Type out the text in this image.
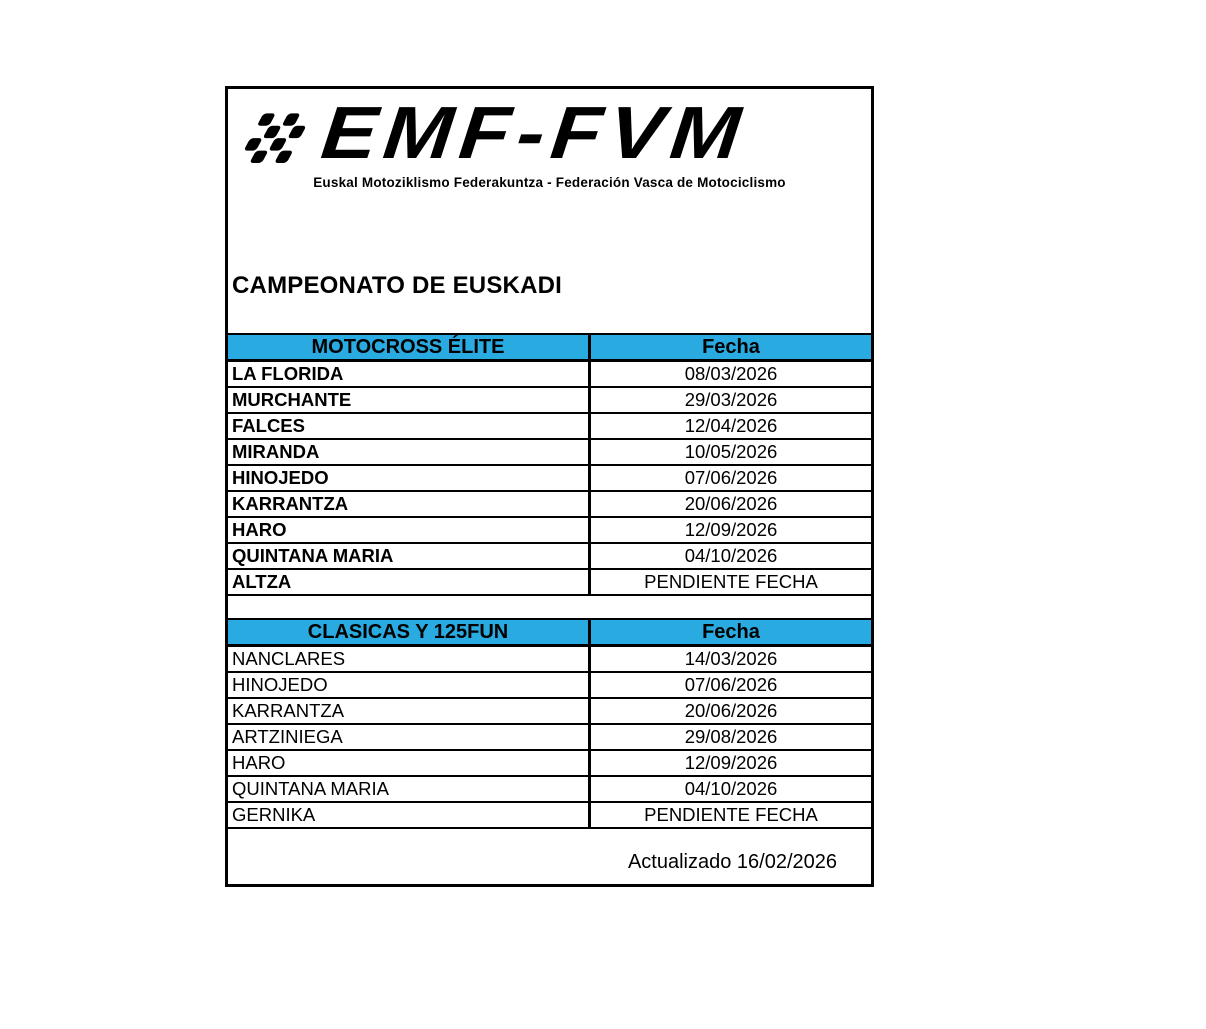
EMF-FVM
Euskal Motoziklismo Federakuntza - Federación Vasca de Motociclismo
CAMPEONATO DE EUSKADI
MOTOCROSS ÉLITE	Fecha
LA FLORIDA	08/03/2026
MURCHANTE	29/03/2026
FALCES	12/04/2026
MIRANDA	10/05/2026
HINOJEDO	07/06/2026
KARRANTZA	20/06/2026
HARO	12/09/2026
QUINTANA MARIA	04/10/2026
ALTZA	PENDIENTE FECHA
CLASICAS Y 125FUN	Fecha
NANCLARES	14/03/2026
HINOJEDO	07/06/2026
KARRANTZA	20/06/2026
ARTZINIEGA	29/08/2026
HARO	12/09/2026
QUINTANA MARIA	04/10/2026
GERNIKA	PENDIENTE FECHA
Actualizado 16/02/2026
